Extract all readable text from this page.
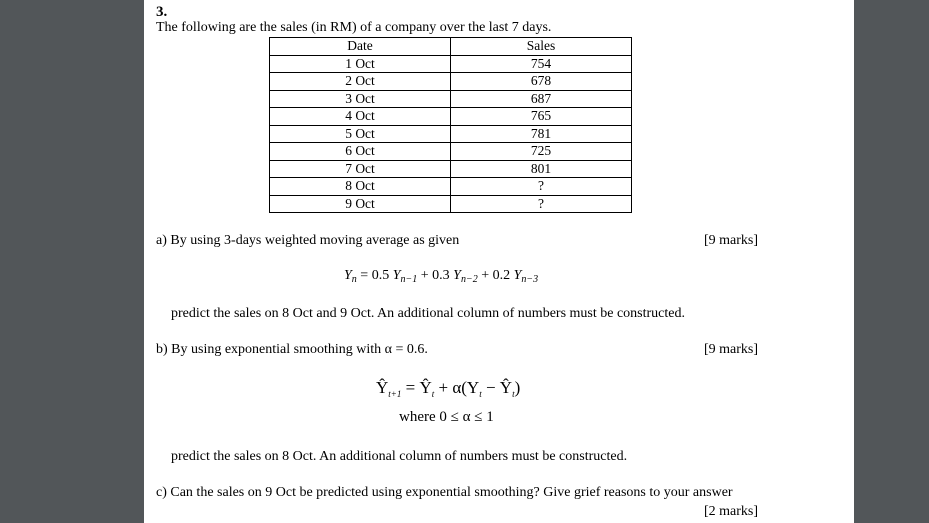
3.
The following are the sales (in RM) of a company over the last 7 days.
Date	Sales
1 Oct	754
2 Oct	678
3 Oct	687
4 Oct	765
5 Oct	781
6 Oct	725
7 Oct	801
8 Oct	?
9 Oct	?
a) By using 3-days weighted moving average as given	[9 marks]
$Y_n = 0.5$ $Y_{n-1} + 0.3$ $Y_{n-2} + 0.2$ $Y_{n-3}$
predict the sales on 8 Oct and 9 Oct. An additional column of numbers must be constructed.
b) By using exponential smoothing with α = 0.6.	[9 marks]
$Ŷ_{t+1}$ = $Ŷ_t + \alpha(Y_t$ − $Ŷ_t$)
where 0 ≤ α ≤ 1
predict the sales on 8 Oct. An additional column of numbers must be constructed.
c) Can the sales on 9 Oct be predicted using exponential smoothing? Give grief reasons to your answer
[2 marks]
